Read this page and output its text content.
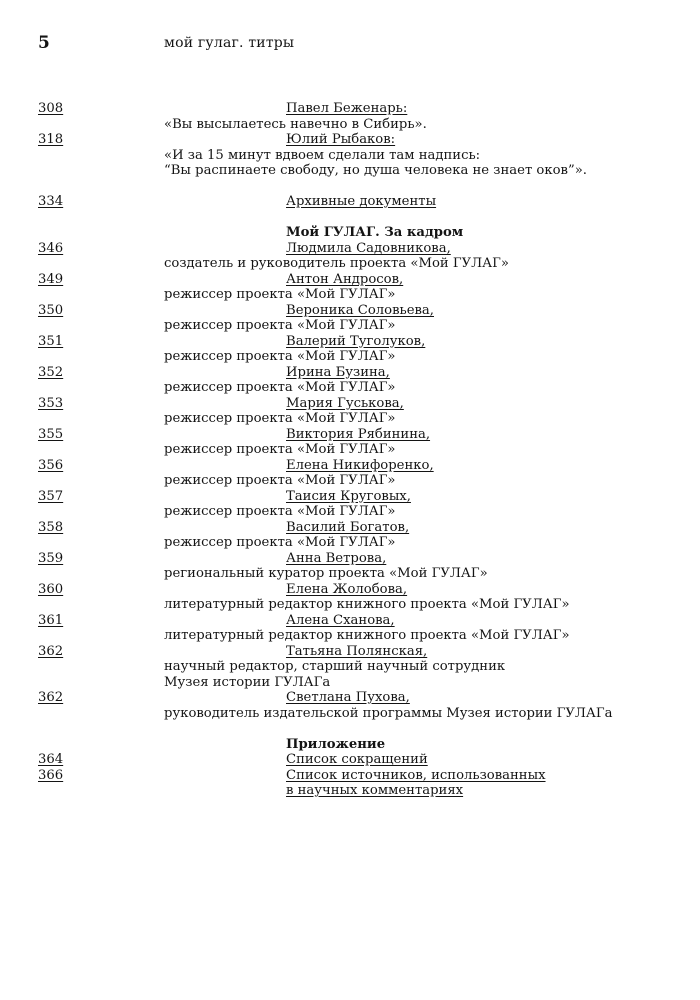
5	мой гулаг. титры
308	Павел Беженарь:
«Вы высылаетесь навечно в Сибирь».
318	Юлий Рыбаков:
«И за 15 минут вдвоем сделали там надпись:
“Вы распинаете свободу, но душа человека не знает оков”».
334	Архивные документы
Мой ГУЛАГ. За кадром
346	Людмила Садовникова,
создатель и руководитель проекта «Мой ГУЛАГ»
349	Антон Андросов,
режиссер проекта «Мой ГУЛАГ»
350	Вероника Соловьева,
режиссер проекта «Мой ГУЛАГ»
351	Валерий Туголуков,
режиссер проекта «Мой ГУЛАГ»
352	Ирина Бузина,
режиссер проекта «Мой ГУЛАГ»
353	Мария Гуськова,
режиссер проекта «Мой ГУЛАГ»
355	Виктория Рябинина,
режиссер проекта «Мой ГУЛАГ»
356	Елена Никифоренко,
режиссер проекта «Мой ГУЛАГ»
357	Таисия Круговых,
режиссер проекта «Мой ГУЛАГ»
358	Василий Богатов,
режиссер проекта «Мой ГУЛАГ»
359	Анна Ветрова,
региональный куратор проекта «Мой ГУЛАГ»
360	Елена Жолобова,
литературный редактор книжного проекта «Мой ГУЛАГ»
361	Алена Сханова,
литературный редактор книжного проекта «Мой ГУЛАГ»
362	Татьяна Полянская,
научный редактор, старший научный сотрудник
Музея истории ГУЛАГа
362	Светлана Пухова,
руководитель издательской программы Музея истории ГУЛАГа
Приложение
364	Список сокращений
366	Список источников, использованных
в научных комментариях
